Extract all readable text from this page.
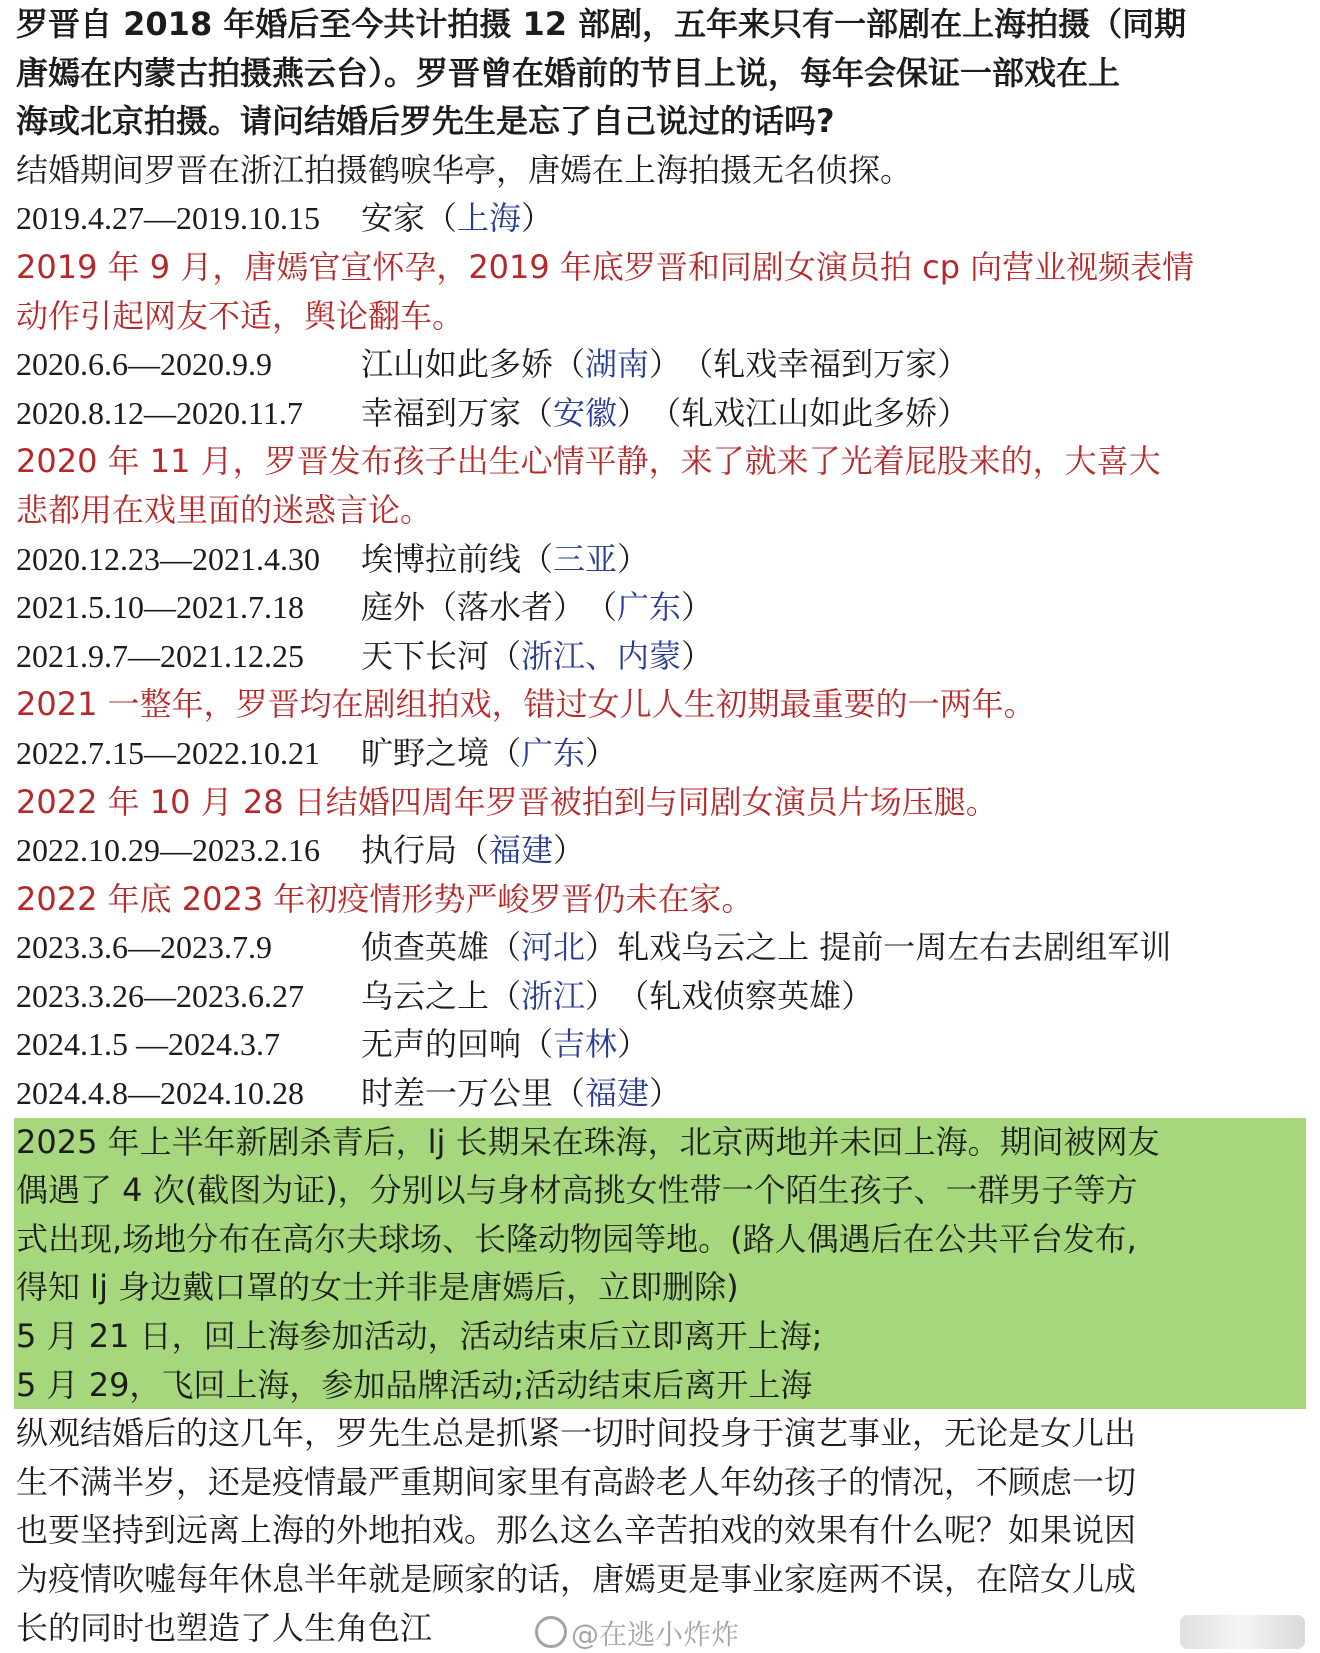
罗晋自 2018 年婚后至今共计拍摄 12 部剧，五年来只有一部剧在上海拍摄（同期
唐嫣在内蒙古拍摄燕云台）。罗晋曾在婚前的节目上说，每年会保证一部戏在上
海或北京拍摄。请问结婚后罗先生是忘了自己说过的话吗?
结婚期间罗晋在浙江拍摄鹤唳华亭，唐嫣在上海拍摄无名侦探。
2019.4.27—2019.10.15	安家 （ 上海 ）
2019 年 9 月，唐嫣官宣怀孕，2019 年底罗晋和同剧女演员拍 cp 向营业视频表情
动作引起网友不适，舆论翻车。
2020.6.6—2020.9.9	江山如此多娇 （ 湖南 ） （轧戏幸福到万家）
2020.8.12—2020.11.7	幸福到万家 （ 安徽 ） （轧戏江山如此多娇）
2020 年 11 月，罗晋发布孩子出生心情平静，来了就来了光着屁股来的，大喜大
悲都用在戏里面的迷惑言论。
2020.12.23—2021.4.30	埃博拉前线 （ 三亚 ）
2021.5.10—2021.7.18	庭外（落水者） （ 广东 ）
2021.9.7—2021.12.25	天下长河 （ 浙江、内蒙 ）
2021 一整年，罗晋均在剧组拍戏，错过女儿人生初期最重要的一两年。
2022.7.15—2022.10.21	旷野之境 （ 广东 ）
2022 年 10 月 28 日结婚四周年罗晋被拍到与同剧女演员片场压腿。
2022.10.29—2023.2.16	执行局 （ 福建 ）
2022 年底 2023 年初疫情形势严峻罗晋仍未在家。
2023.3.6—2023.7.9	侦查英雄 （ 河北 ） 轧戏乌云之上 提前一周左右去剧组军训
2023.3.26—2023.6.27	乌云之上 （ 浙江 ） （轧戏侦察英雄）
2024.1.5 —2024.3.7	无声的回响 （ 吉林 ）
2024.4.8—2024.10.28	时差一万公里 （ 福建 ）
2025 年上半年新剧杀青后，lj 长期呆在珠海，北京两地并未回上海。期间被网友
偶遇了 4 次(截图为证)，分别以与身材高挑女性带一个陌生孩子、一群男子等方
式出现,场地分布在高尔夫球场、长隆动物园等地。(路人偶遇后在公共平台发布,
得知 lj 身边戴口罩的女士并非是唐嫣后，立即删除)
5 月 21 日，回上海参加活动，活动结束后立即离开上海;
5 月 29，飞回上海，参加品牌活动;活动结束后离开上海
纵观结婚后的这几年，罗先生总是抓紧一切时间投身于演艺事业，无论是女儿出
生不满半岁，还是疫情最严重期间家里有高龄老人年幼孩子的情况，不顾虑一切
也要坚持到远离上海的外地拍戏。那么这么辛苦拍戏的效果有什么呢？如果说因
为疫情吹嘘每年休息半年就是顾家的话，唐嫣更是事业家庭两不误，在陪女儿成
长的同时也塑造了人生角色江	@在逃小炸炸
